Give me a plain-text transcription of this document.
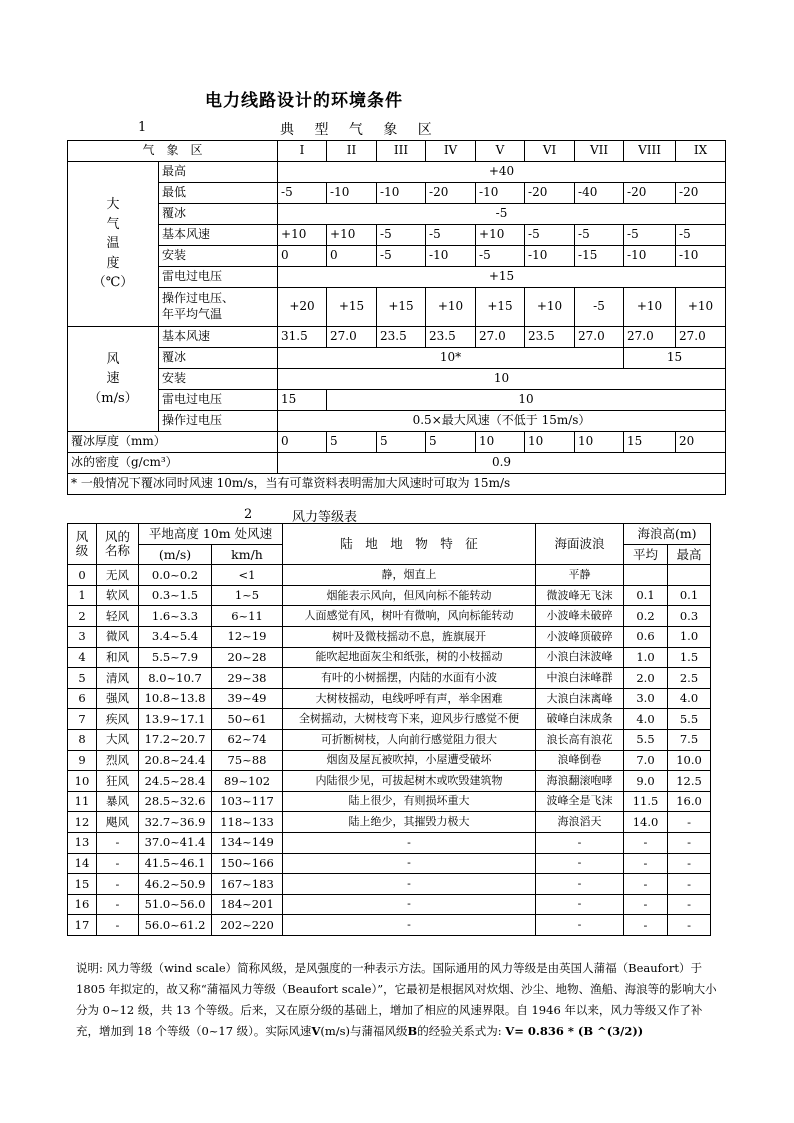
电力线路设计的环境条件
1	典 型 气 象 区
气　象　区		I	II	III	IV	V	VI	VII	VIII	IX
大
气
温
度
（℃）	最高	+40								
	最低	-5	-10	-10	-20	-10	-20	-40	-20	-20
	覆冰	-5								
	基本风速	+10	+10	-5	-5	+10	-5	-5	-5	-5
	安装	0	0	-5	-10	-5	-10	-15	-10	-10
	雷电过电压	+15								
	操作过电压、
年平均气温	+20	+15	+15	+10	+15	+10	-5	+10	+10
风
速
（m/s）	基本风速	31.5	27.0	23.5	23.5	27.0	23.5	27.0	27.0	27.0
	覆冰	10*							15	
	安装	10								
	雷电过电压	15	10							
	操作过电压	0.5×最大风速（不低于 15m/s）								
覆冰厚度（mm）		0	5	5	5	10	10	10	15	20
冰的密度（g/cm³）		0.9								
* 一般情况下覆冰同时风速 10m/s，当有可靠资料表明需加大风速时可取为 15m/s										
2	风力等级表
风
级	风的
名称	平地高度 10m 处风速		陆　地　地　物　特　征	海面波浪	海浪高(m)	
		(m/s)	km/h			平均	最高
0	无风	0.0~0.2	<1	静，烟直上	平静		
1	软风	0.3~1.5	1~5	烟能表示风向，但风向标不能转动	微波峰无飞沫	0.1	0.1
2	轻风	1.6~3.3	6~11	人面感觉有风，树叶有微响，风向标能转动	小波峰未破碎	0.2	0.3
3	微风	3.4~5.4	12~19	树叶及微枝摇动不息，旌旗展开	小波峰顶破碎	0.6	1.0
4	和风	5.5~7.9	20~28	能吹起地面灰尘和纸张，树的小枝摇动	小浪白沫波峰	1.0	1.5
5	清风	8.0~10.7	29~38	有叶的小树摇摆，内陆的水面有小波	中浪白沫峰群	2.0	2.5
6	强风	10.8~13.8	39~49	大树枝摇动，电线呼呼有声，举伞困难	大浪白沫离峰	3.0	4.0
7	疾风	13.9~17.1	50~61	全树摇动，大树枝弯下来，迎风步行感觉不便	破峰白沫成条	4.0	5.5
8	大风	17.2~20.7	62~74	可折断树枝，人向前行感觉阻力很大	浪长高有浪花	5.5	7.5
9	烈风	20.8~24.4	75~88	烟囱及屋瓦被吹掉，小屋遭受破坏	浪峰倒卷	7.0	10.0
10	狂风	24.5~28.4	89~102	内陆很少见，可拔起树木或吹毁建筑物	海浪翻滚咆哮	9.0	12.5
11	暴风	28.5~32.6	103~117	陆上很少，有则损坏重大	波峰全是飞沫	11.5	16.0
12	飓风	32.7~36.9	118~133	陆上绝少，其摧毁力极大	海浪滔天	14.0	-
13	-	37.0~41.4	134~149	-	-	-	-
14	-	41.5~46.1	150~166	-	-	-	-
15	-	46.2~50.9	167~183	-	-	-	-
16	-	51.0~56.0	184~201	-	-	-	-
17	-	56.0~61.2	202~220	-	-	-	-
说明: 风力等级（wind scale）简称风级，是风强度的一种表示方法。国际通用的风力等级是由英国人蒲福（Beaufort）于 1805 年拟定的，故又称“蒲福风力等级（Beaufort scale）”，它最初是根据风对炊烟、沙尘、地物、渔船、海浪等的影响大小分为 0~12 级，共 13 个等级。后来，又在原分级的基础上，增加了相应的风速界限。自 1946 年以来，风力等级又作了补充，增加到 18 个等级（0~17 级）。实际风速V(m/s)与蒲福风级B的经验关系式为: V= 0.836 * (B ^(3/2))
